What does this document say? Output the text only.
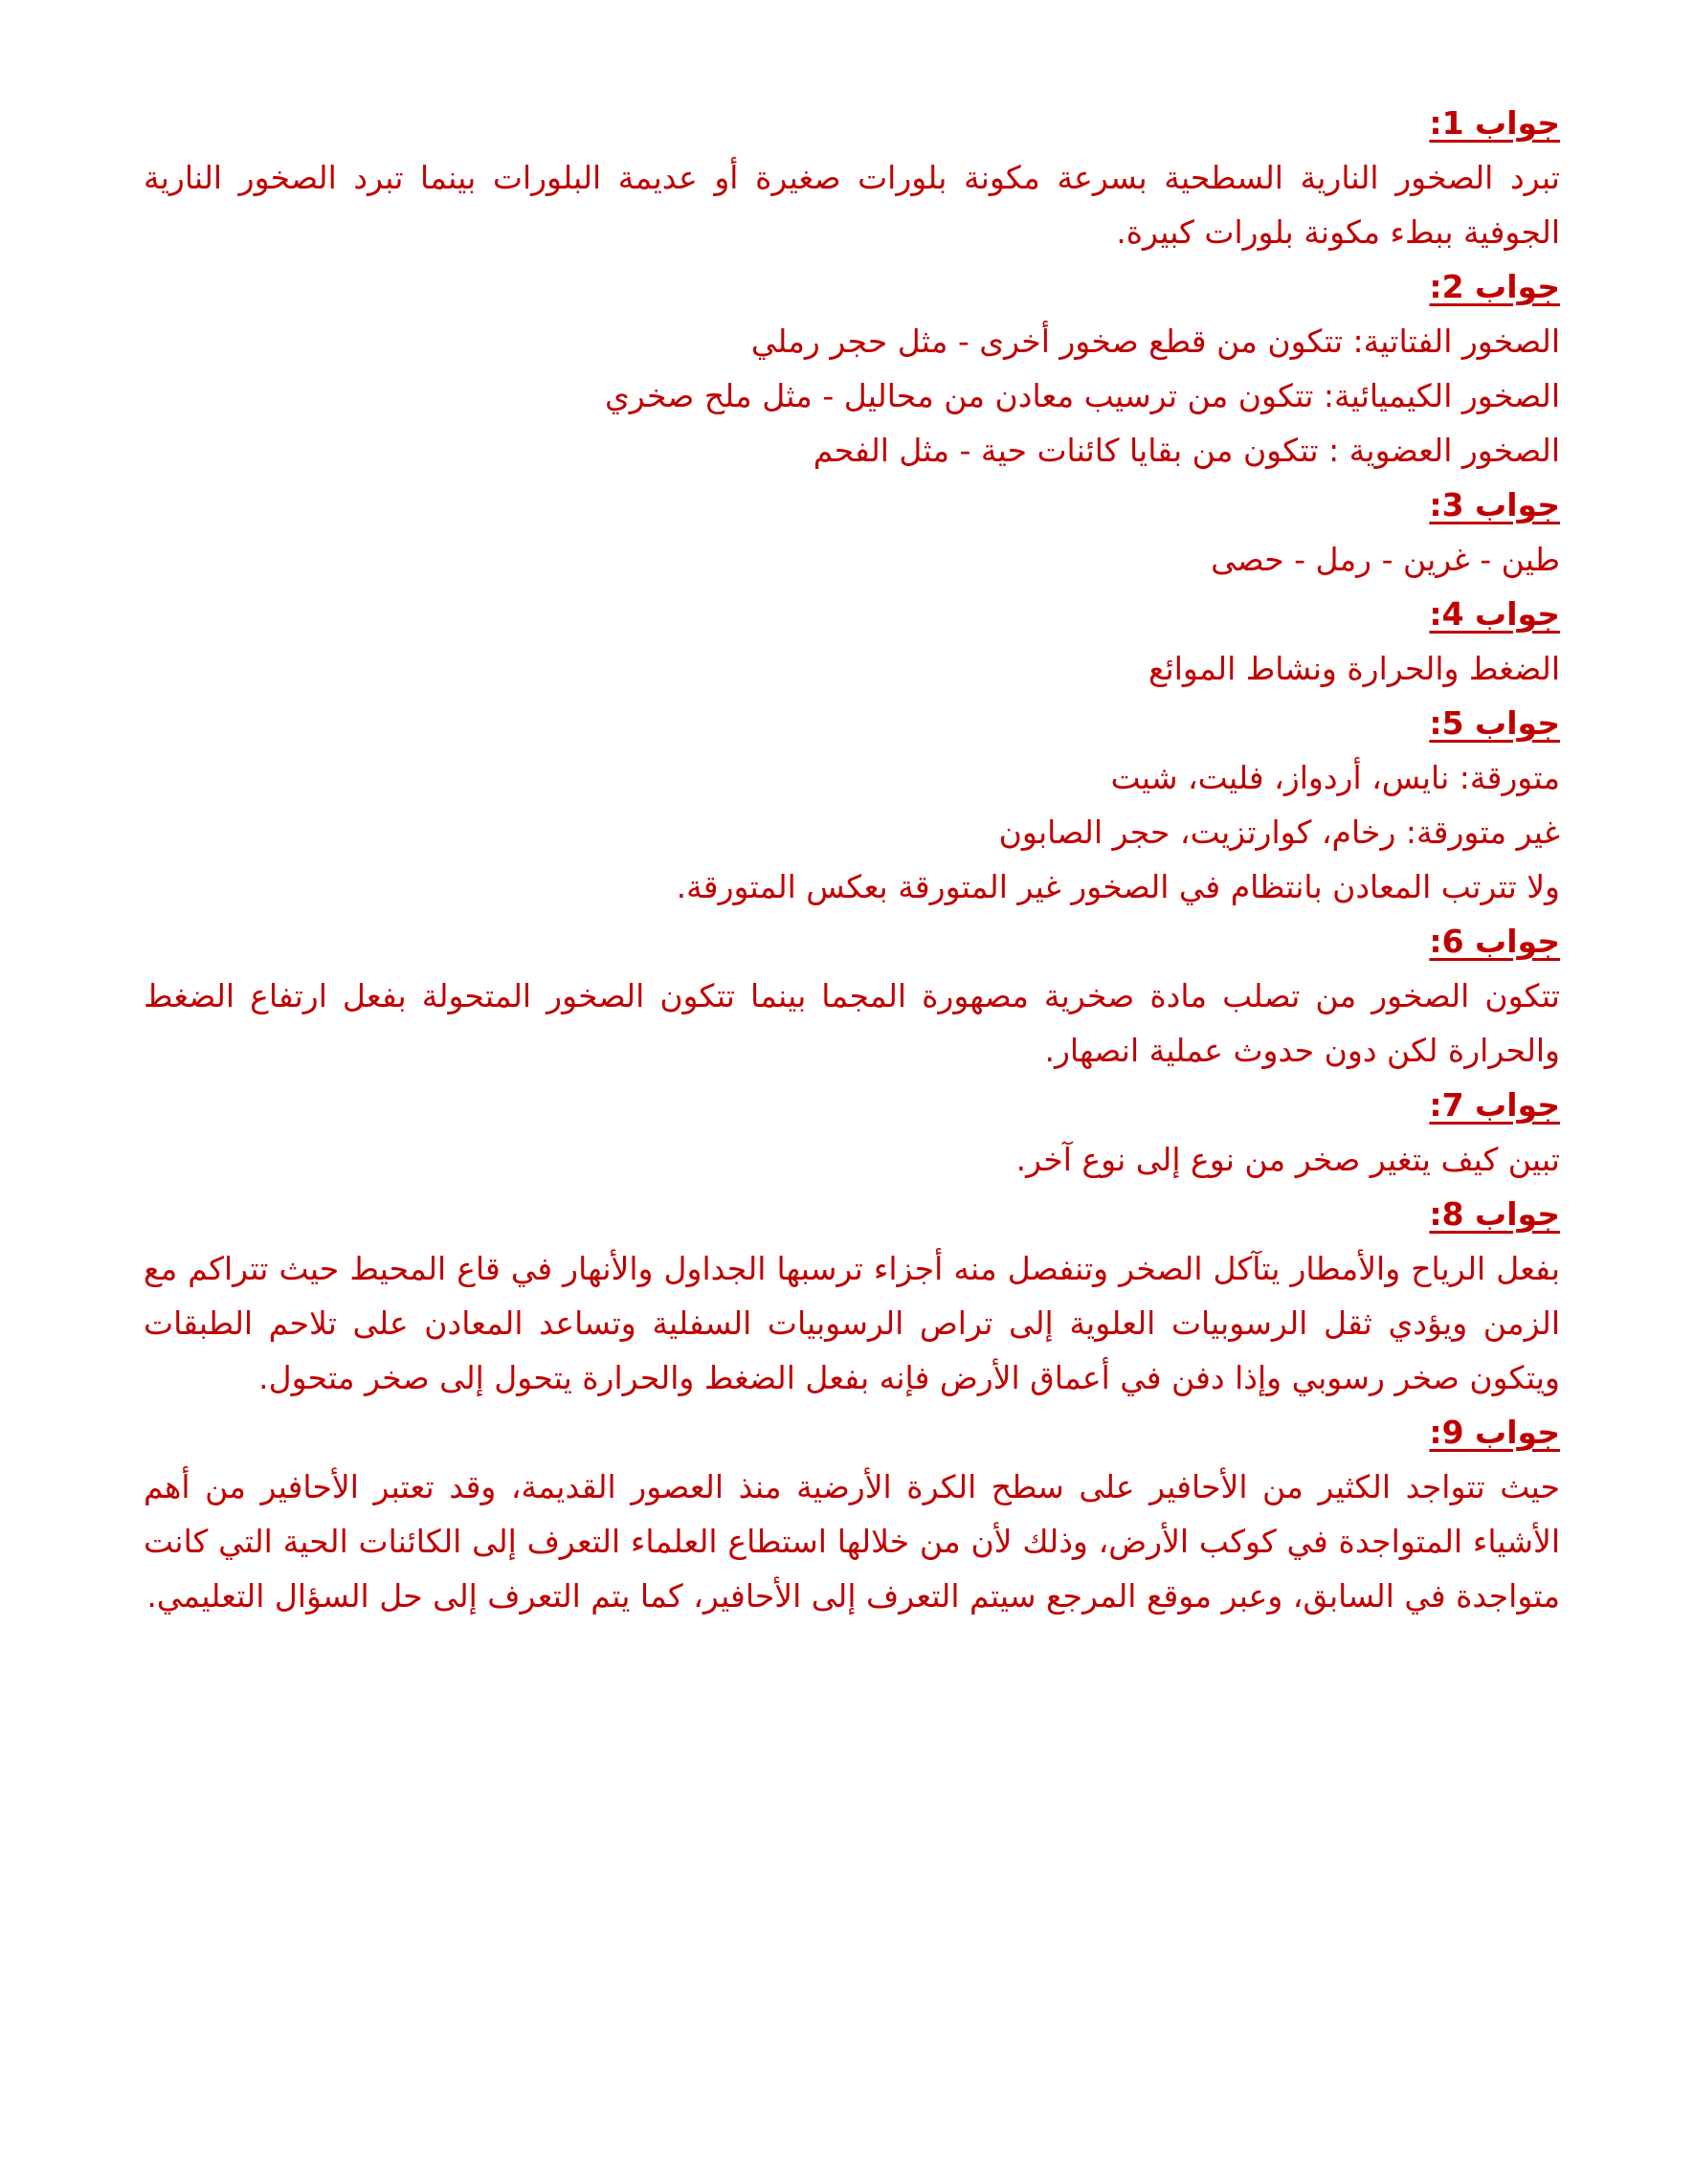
جواب 1:

تبرد الصخور النارية السطحية بسرعة مكونة بلورات صغيرة أو عديمة البلورات بينما تبرد الصخور النارية الجوفية ببطء مكونة بلورات كبيرة.

جواب 2:
الصخور الفتاتية: تتكون من قطع صخور أخرى - مثل حجر رملي
الصخور الكيميائية: تتكون من ترسيب معادن من محاليل - مثل ملح صخري
الصخور العضوية : تتكون من بقايا كائنات حية - مثل الفحم
جواب 3:
طين - غرين - رمل - حصى
جواب 4:
الضغط والحرارة ونشاط الموائع
جواب 5:
متورقة: نايس، أردواز، فليت، شيت
غير متورقة: رخام، كوارتزيت، حجر الصابون
ولا تترتب المعادن بانتظام في الصخور غير المتورقة بعكس المتورقة.
جواب 6:

تتكون الصخور من تصلب مادة صخرية مصهورة المجما بينما تتكون الصخور المتحولة بفعل ارتفاع الضغط والحرارة لكن دون حدوث عملية انصهار.

جواب 7:
تبين كيف يتغير صخر من نوع إلى نوع آخر.
جواب 8:

بفعل الرياح والأمطار يتآكل الصخر وتنفصل منه أجزاء ترسبها الجداول والأنهار في قاع المحيط حيث تتراكم مع الزمن ويؤدي ثقل الرسوبيات العلوية إلى تراص الرسوبيات السفلية وتساعد المعادن على تلاحم الطبقات ويتكون صخر رسوبي وإذا دفن في أعماق الأرض فإنه بفعل الضغط والحرارة يتحول إلى صخر متحول.

جواب 9:

حيث تتواجد الكثير من الأحافير على سطح الكرة الأرضية منذ العصور القديمة، وقد تعتبر الأحافير من أهم الأشياء المتواجدة في كوكب الأرض، وذلك لأن من خلالها استطاع العلماء التعرف إلى الكائنات الحية التي كانت متواجدة في السابق، وعبر موقع المرجع سيتم التعرف إلى الأحافير، كما يتم التعرف إلى حل السؤال التعليمي.
